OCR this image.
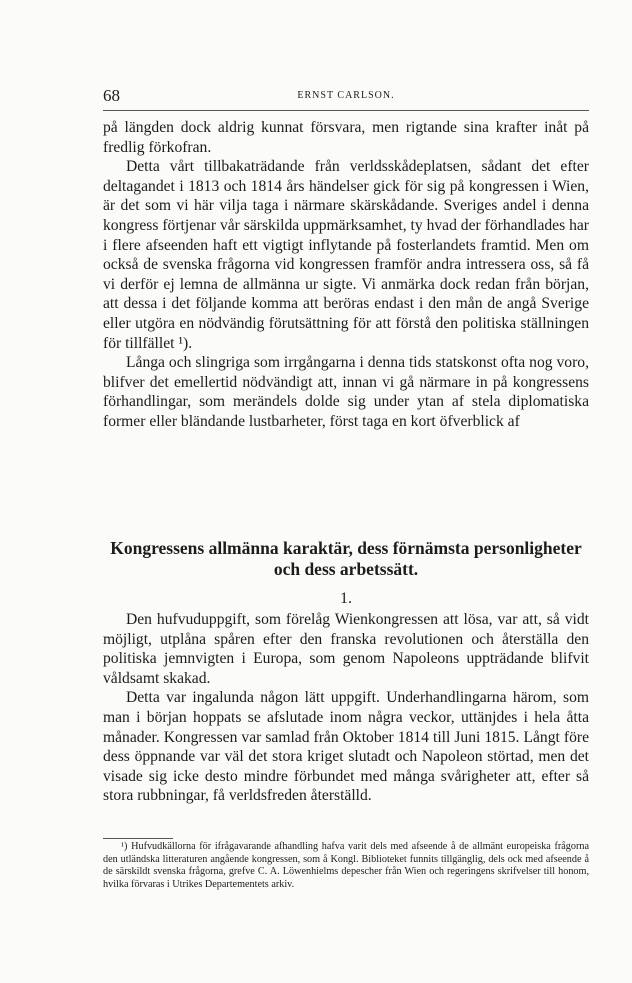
68	ERNST CARLSON.

på längden dock aldrig kunnat försvara, men rigtande sina krafter inåt på fredlig förkofran.

Detta vårt tillbakaträdande från verldsskådeplatsen, sådant det efter deltagandet i 1813 och 1814 års händelser gick för sig på kongressen i Wien, är det som vi här vilja taga i närmare skärskådande. Sveriges andel i denna kongress förtjenar vår särskilda uppmärksamhet, ty hvad der förhandlades har i flere afseenden haft ett vigtigt inflytande på fosterlandets framtid. Men om också de svenska frågorna vid kongressen framför andra intressera oss, så få vi derför ej lemna de allmänna ur sigte. Vi anmärka dock redan från början, att dessa i det följande komma att beröras endast i den mån de angå Sverige eller utgöra en nödvändig förutsättning för att förstå den politiska ställningen för tillfället ¹).

Långa och slingriga som irrgångarna i denna tids statskonst ofta nog voro, blifver det emellertid nödvändigt att, innan vi gå närmare in på kongressens förhandlingar, som merändels dolde sig under ytan af stela diplomatiska former eller bländande lustbarheter, först taga en kort öfverblick af

Kongressens allmänna karaktär, dess förnämsta personligheter och dess arbetssätt.
1.

Den hufvuduppgift, som förelåg Wienkongressen att lösa, var att, så vidt möjligt, utplåna spåren efter den franska revolutionen och återställa den politiska jemnvigten i Europa, som genom Napoleons uppträdande blifvit våldsamt skakad.

Detta var ingalunda någon lätt uppgift. Underhandlingarna härom, som man i början hoppats se afslutade inom några veckor, uttänjdes i hela åtta månader. Kongressen var samlad från Oktober 1814 till Juni 1815. Långt före dess öppnande var väl det stora kriget slutadt och Napoleon störtad, men det visade sig icke desto mindre förbundet med många svårigheter att, efter så stora rubbningar, få verldsfreden återställd.

¹) Hufvudkällorna för ifrågavarande afhandling hafva varit dels med afseende å de allmänt europeiska frågorna den utländska litteraturen angående kongressen, som å Kongl. Biblioteket funnits tillgänglig, dels ock med afseende å de särskildt svenska frågorna, grefve C. A. Löwenhielms depescher från Wien och regeringens skrifvelser till honom, hvilka förvaras i Utrikes Departementets arkiv.
